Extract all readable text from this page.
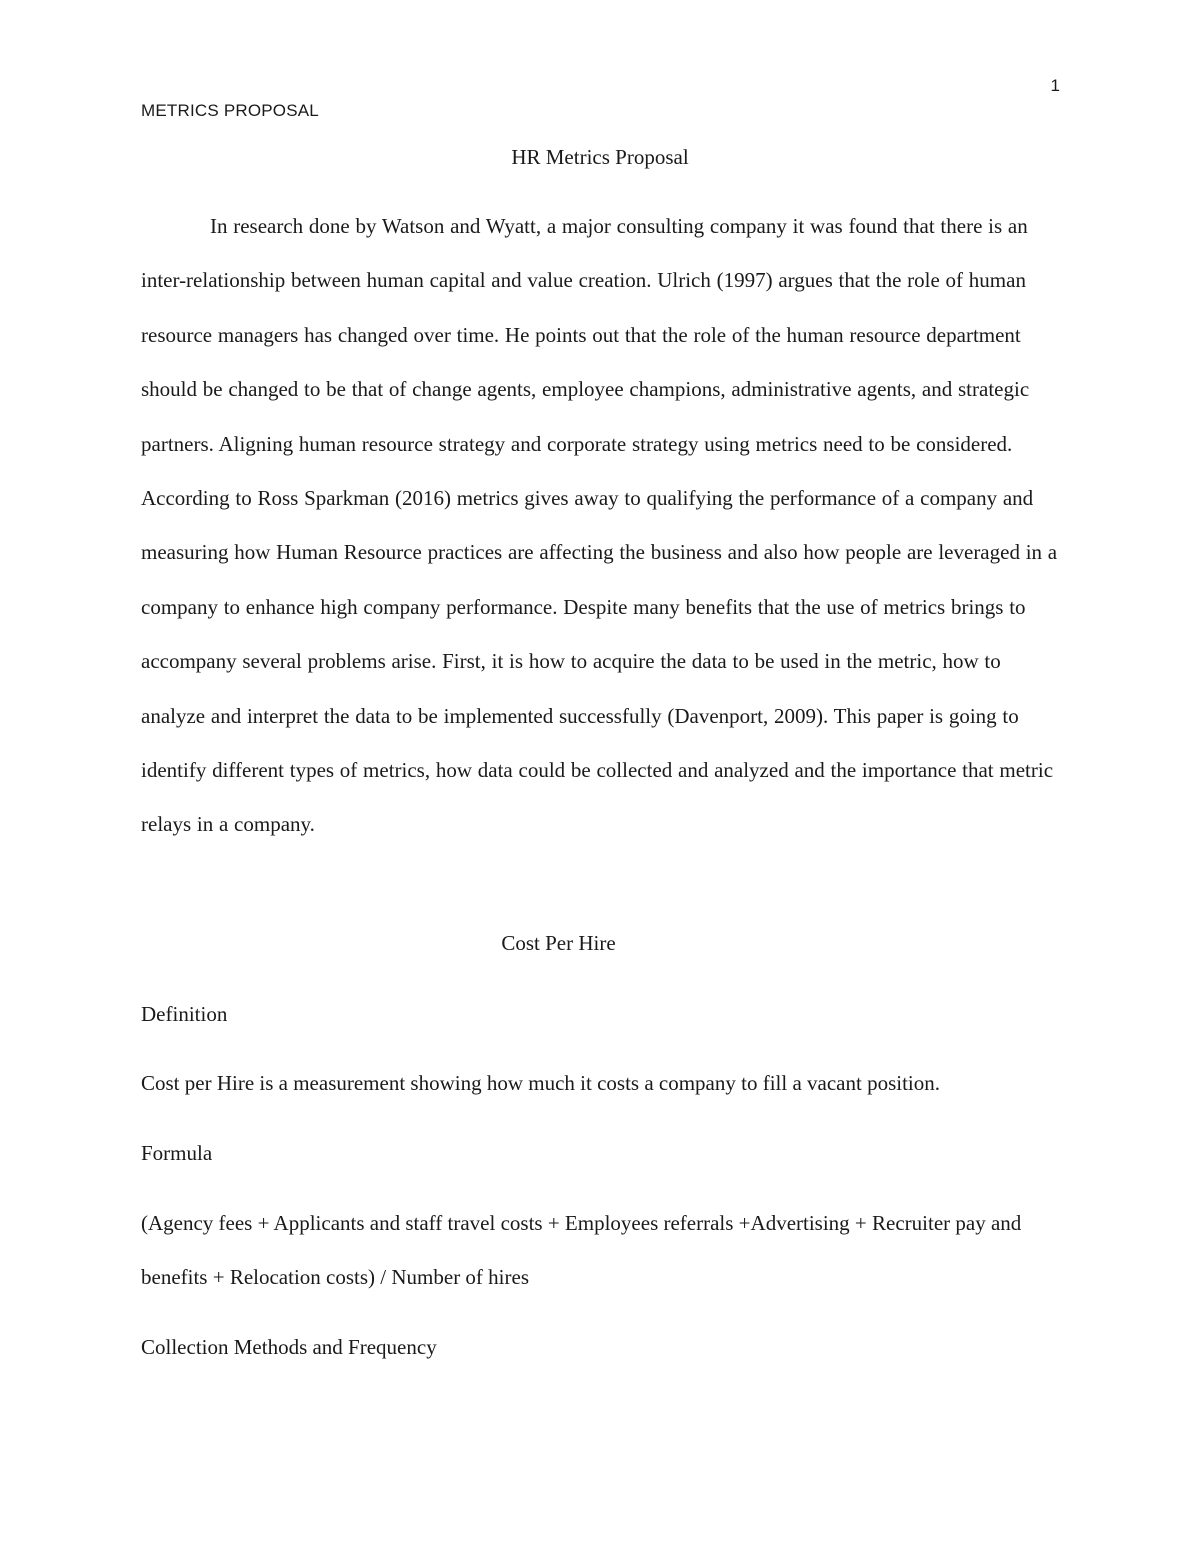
1
METRICS PROPOSAL
HR Metrics Proposal

In research done by Watson and Wyatt, a major consulting company it was found that there is an inter-relationship between human capital and value creation. Ulrich (1997) argues that the role of human resource managers has changed over time. He points out that the role of the human resource department should be changed to be that of change agents, employee champions, administrative agents, and strategic partners. Aligning human resource strategy and corporate strategy using metrics need to be considered. According to Ross Sparkman (2016) metrics gives away to qualifying the performance of a company and measuring how Human Resource practices are affecting the business and also how people are leveraged in a company to enhance high company performance. Despite many benefits that the use of metrics brings to accompany several problems arise. First, it is how to acquire the data to be used in the metric, how to analyze and interpret the data to be implemented successfully (Davenport, 2009). This paper is going to identify different types of metrics, how data could be collected and analyzed and the importance that metric relays in a company.

Cost Per Hire
Definition
Cost per Hire is a measurement showing how much it costs a company to fill a vacant position.
Formula
(Agency fees + Applicants and staff travel costs + Employees referrals +Advertising + Recruiter pay and benefits + Relocation costs) / Number of hires
Collection Methods and Frequency
